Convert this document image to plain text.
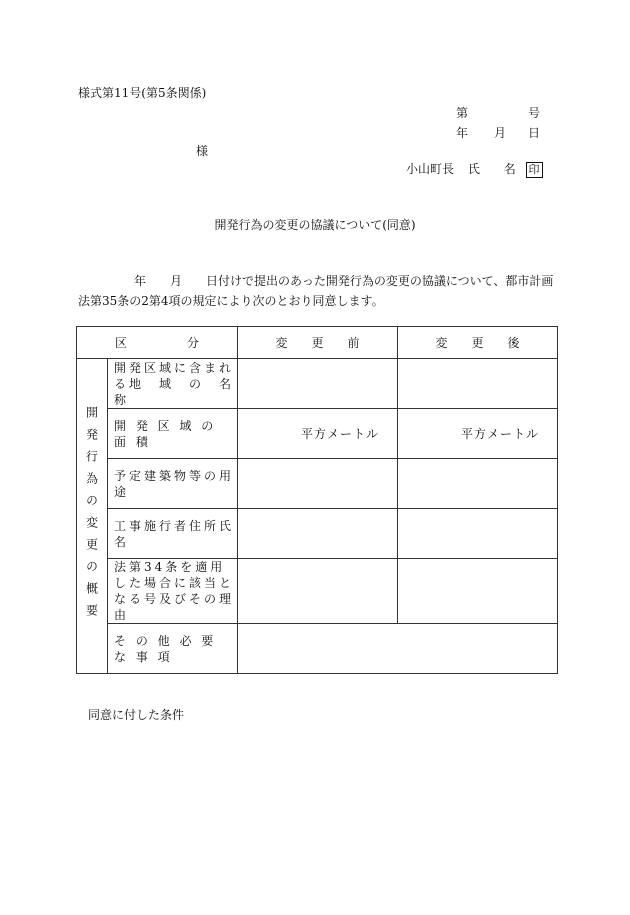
様式第11号(第5条関係)
第	号
年 月 日
様
小山町長 氏 名 印
開発行為の変更の協議について(同意)
年　　月　　日付けで提出のあった開発行為の変更の協議について、都市計画
法第35条の2第4項の規定により次のとおり同意します。
区　　　　　分		変　　更　　前	変　　更　　後
開発行為の変更の概要	開発区域に含まれる地　域　の　名　称		
	開 発 区 域 の 面 積	平方メートル	平方メートル
	予定建築物等の用途		
	工事施行者住所氏名		
	法第34条を適用した場合に該当となる号及びその理由		
	そ の 他 必 要 な 事 項		
同意に付した条件
